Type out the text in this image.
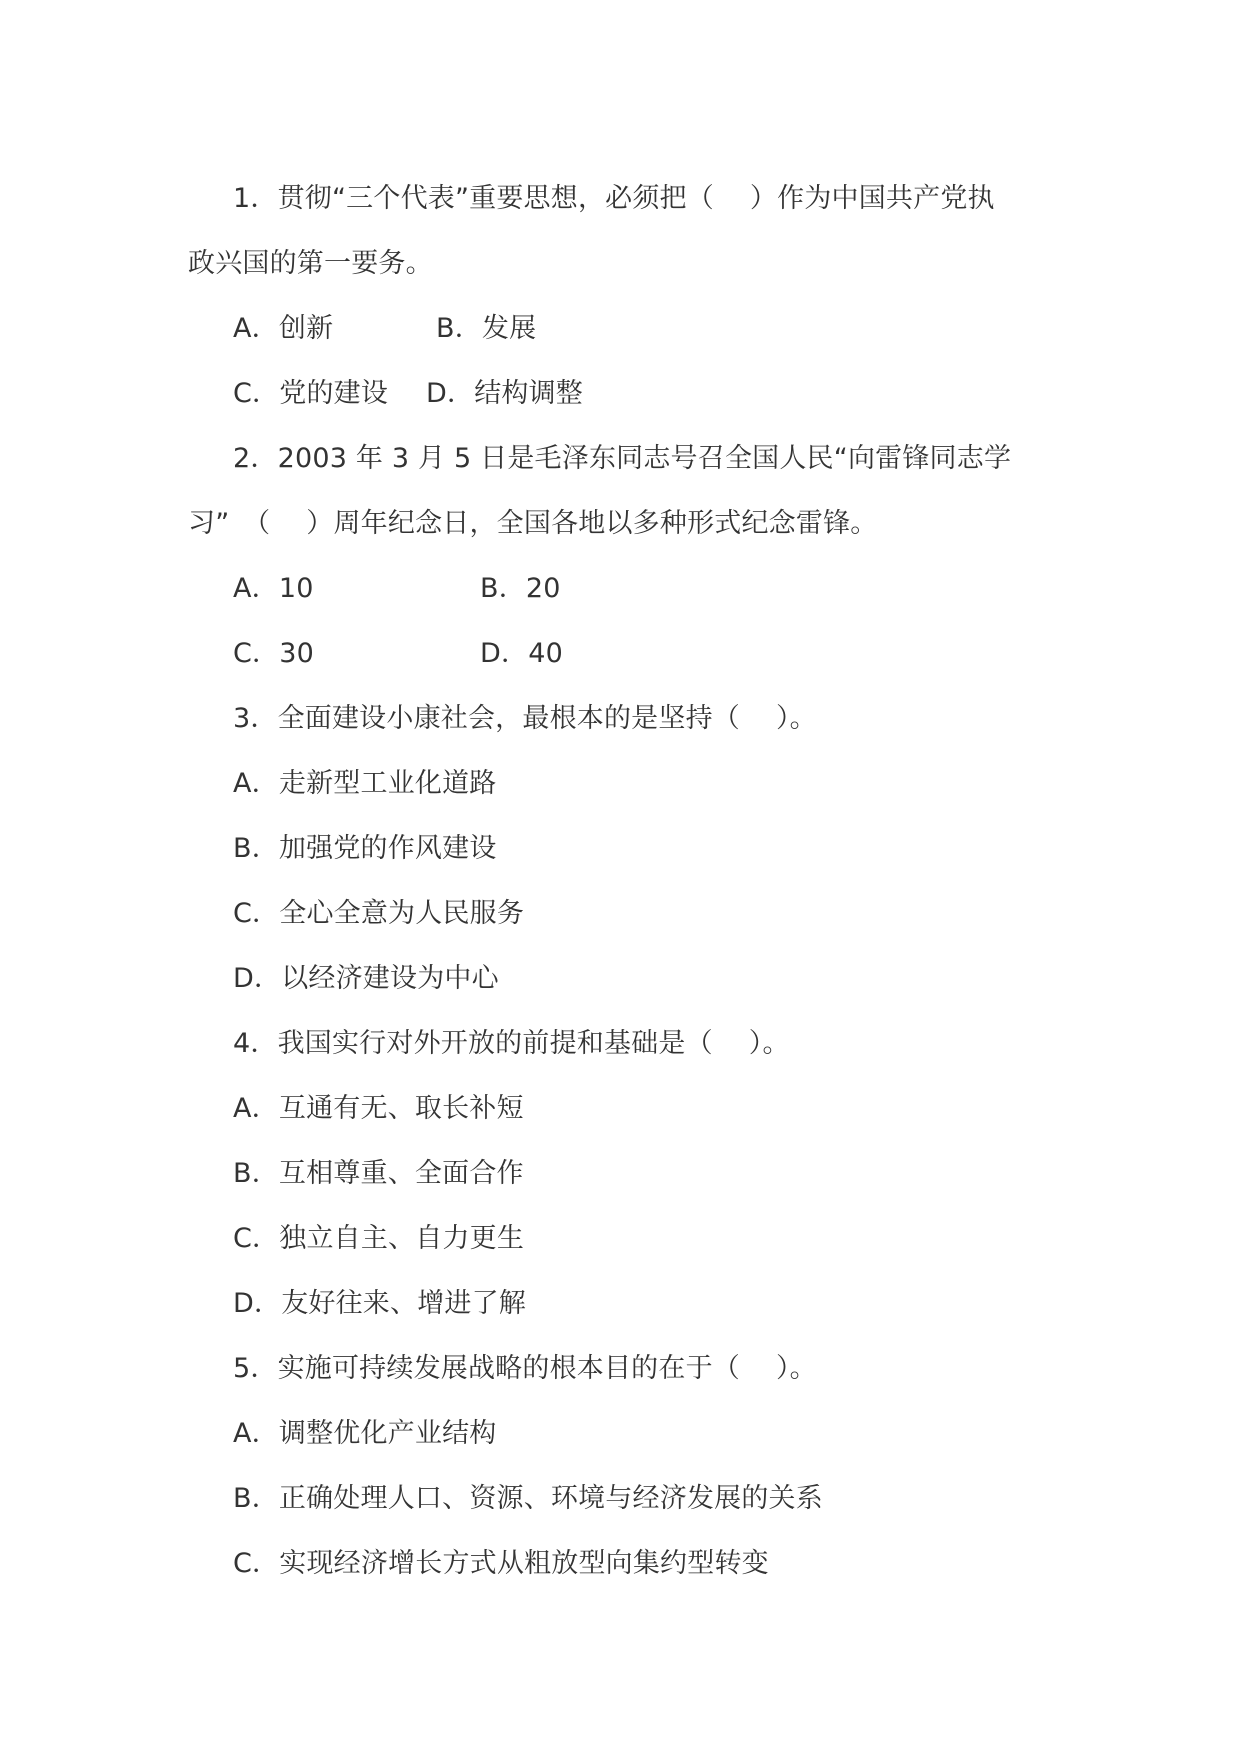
1．贯彻“三个代表”重要思想，必须把（　 ）作为中国共产党执
政兴国的第一要务。
A．创新	B．发展
C．党的建设	D．结构调整
2．2003 年 3 月 5 日是毛泽东同志号召全国人民“向雷锋同志学
习”　（　 ）周年纪念日，全国各地以多种形式纪念雷锋。
A．10	B．20
C．30	D．40
3．全面建设小康社会，最根本的是坚持（　 ）。
A．走新型工业化道路
B．加强党的作风建设
C．全心全意为人民服务
D．以经济建设为中心
4．我国实行对外开放的前提和基础是（　 ）。
A．互通有无、取长补短
B．互相尊重、全面合作
C．独立自主、自力更生
D．友好往来、增进了解
5．实施可持续发展战略的根本目的在于（　 ）。
A．调整优化产业结构
B．正确处理人口、资源、环境与经济发展的关系
C．实现经济增长方式从粗放型向集约型转变
